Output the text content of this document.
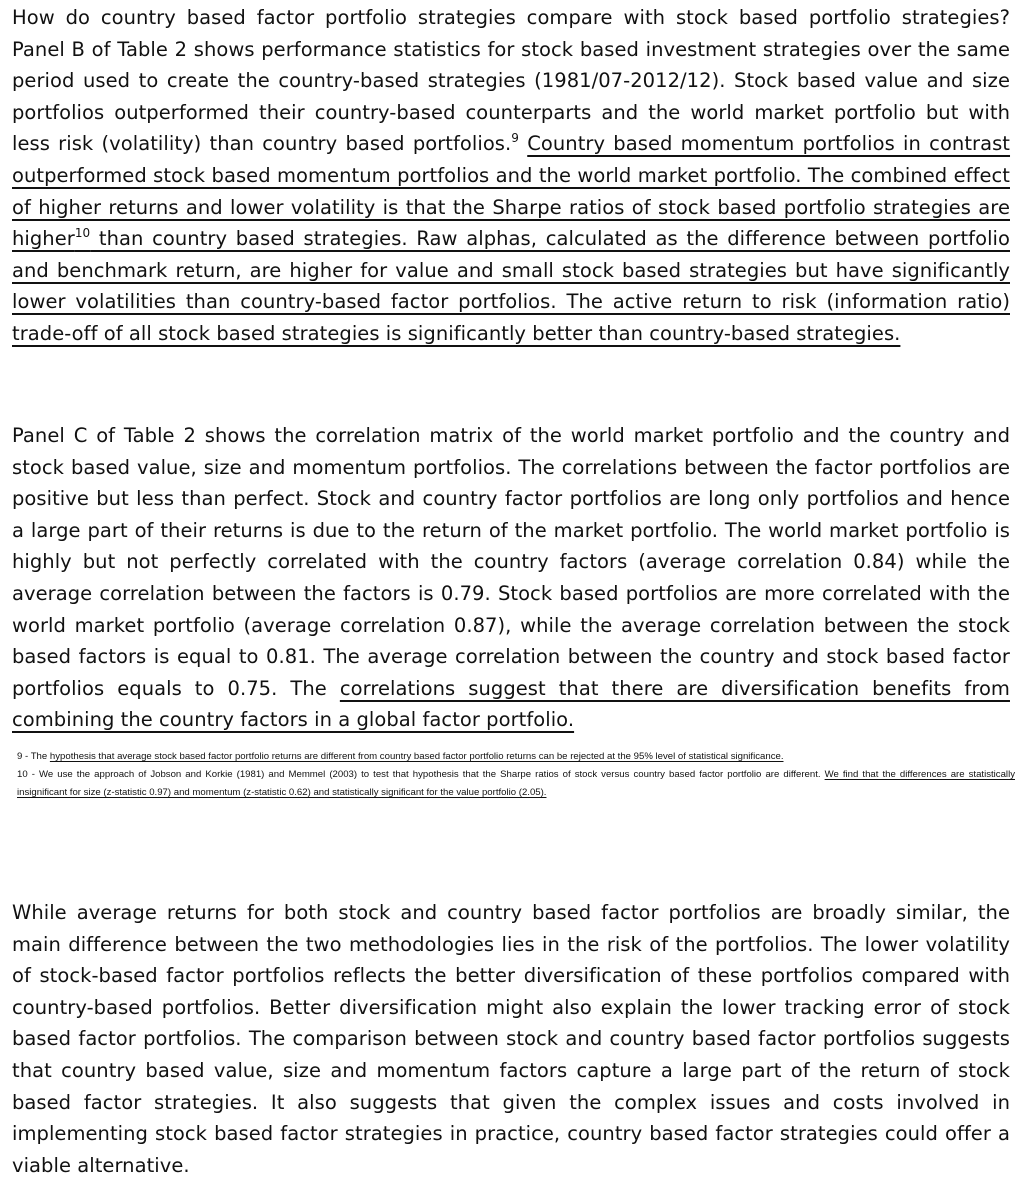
How do country based factor portfolio strategies compare with stock based portfolio strategies? Panel B of Table 2 shows performance statistics for stock based investment strategies over the same period used to create the country-based strategies (1981/07-2012/12). Stock based value and size portfolios outperformed their country-based counterparts and the world market portfolio but with less risk (volatility) than country based portfolios.$^9$ Country based momentum portfolios in contrast outperformed stock based momentum portfolios and the world market portfolio. The combined effect of higher returns and lower volatility is that the Sharpe ratios of stock based portfolio strategies are higher$^{10}$ than country based strategies. Raw alphas, calculated as the difference between portfolio and benchmark return, are higher for value and small stock based strategies but have significantly lower volatilities than country-based factor portfolios. The active return to risk (information ratio) trade-off of all stock based strategies is significantly better than country-based strategies.

Panel C of Table 2 shows the correlation matrix of the world market portfolio and the country and stock based value, size and momentum portfolios. The correlations between the factor portfolios are positive but less than perfect. Stock and country factor portfolios are long only portfolios and hence a large part of their returns is due to the return of the market portfolio. The world market portfolio is highly but not perfectly correlated with the country factors (average correlation 0.84) while the average correlation between the factors is 0.79. Stock based portfolios are more correlated with the world market portfolio (average correlation 0.87), while the average correlation between the stock based factors is equal to 0.81. The average correlation between the country and stock based factor portfolios equals to 0.75. The correlations suggest that there are diversification benefits from combining the country factors in a global factor portfolio.

9 - The hypothesis that average stock based factor portfolio returns are different from country based factor portfolio returns can be rejected at the 95% level of statistical significance.

10 - We use the approach of Jobson and Korkie (1981) and Memmel (2003) to test that hypothesis that the Sharpe ratios of stock versus country based factor portfolio are different. We find that the differences are statistically insignificant for size (z-statistic 0.97) and momentum (z-statistic 0.62) and statistically significant for the value portfolio (2.05).

While average returns for both stock and country based factor portfolios are broadly similar, the main difference between the two methodologies lies in the risk of the portfolios. The lower volatility of stock-based factor portfolios reflects the better diversification of these portfolios compared with country-based portfolios. Better diversification might also explain the lower tracking error of stock based factor portfolios. The comparison between stock and country based factor portfolios suggests that country based value, size and momentum factors capture a large part of the return of stock based factor strategies. It also suggests that given the complex issues and costs involved in implementing stock based factor strategies in practice, country based factor strategies could offer a viable alternative.
